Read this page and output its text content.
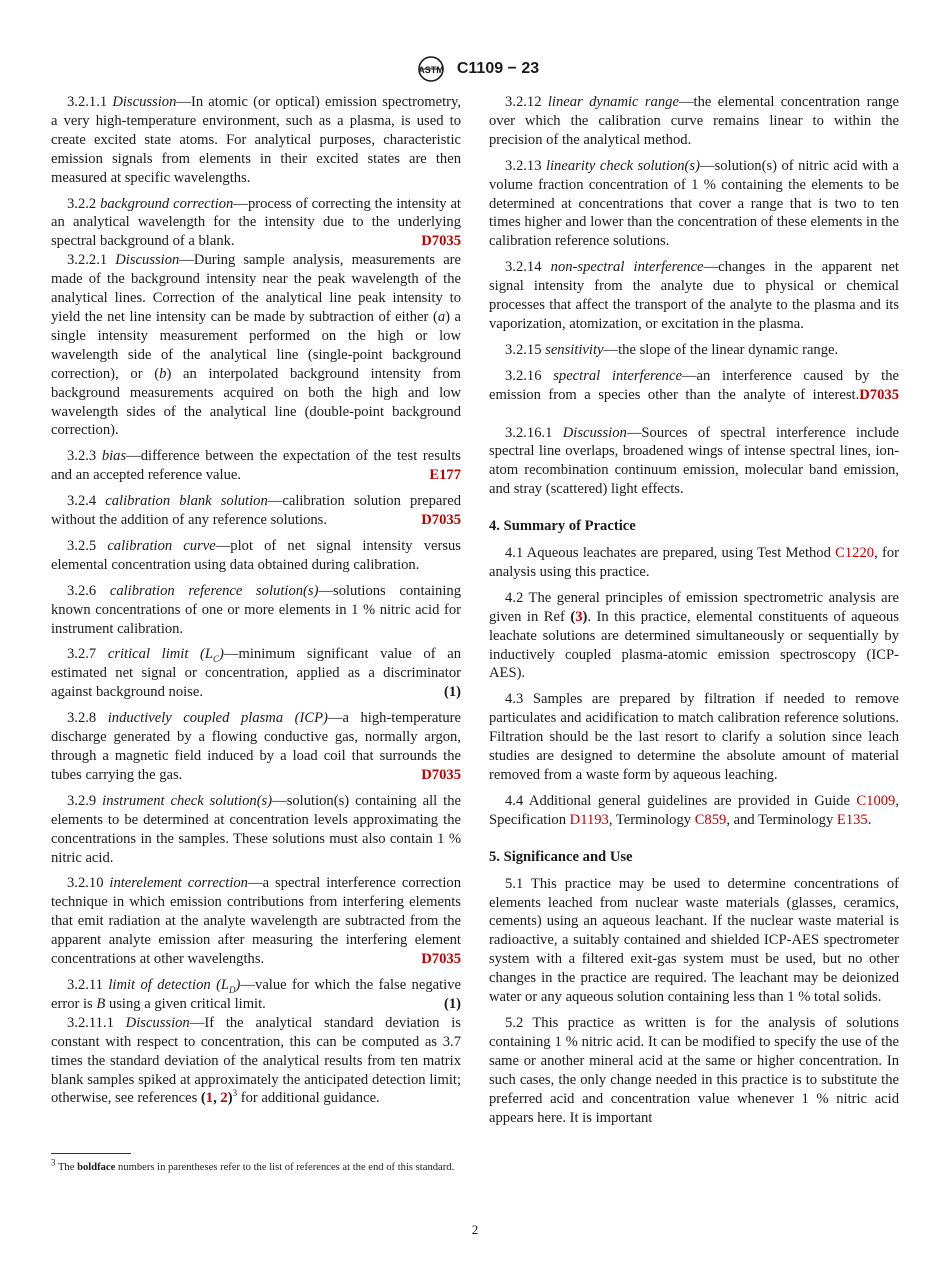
ASTM C1109 − 23

3.2.1.1 Discussion—In atomic (or optical) emission spectrometry, a very high-temperature environment, such as a plasma, is used to create excited state atoms. For analytical purposes, characteristic emission signals from elements in their excited states are then measured at specific wavelengths.

3.2.2 background correction—process of correcting the intensity at an analytical wavelength for the intensity due to the underlying spectral background of a blank.	D7035

3.2.2.1 Discussion—During sample analysis, measurements are made of the background intensity near the peak wavelength of the analytical lines. Correction of the analytical line peak intensity to yield the net line intensity can be made by subtraction of either (a) a single intensity measurement performed on the high or low wavelength side of the analytical line (single-point background correction), or (b) an interpolated background intensity from background measurements acquired on both the high and low wavelength sides of the analytical line (double-point background correction).

3.2.3 bias—difference between the expectation of the test results and an accepted reference value.	E177

3.2.4 calibration blank solution—calibration solution prepared without the addition of any reference solutions.	D7035

3.2.5 calibration curve—plot of net signal intensity versus elemental concentration using data obtained during calibration.

3.2.6 calibration reference solution(s)—solutions containing known concentrations of one or more elements in 1 % nitric acid for instrument calibration.

3.2.7 critical limit $(L_C)—minimum$ significant value of an estimated net signal or concentration, applied as a discriminator against background noise.	(1)

3.2.8 inductively coupled plasma (ICP)—a high-temperature discharge generated by a flowing conductive gas, normally argon, through a magnetic field induced by a load coil that surrounds the tubes carrying the gas.	D7035

3.2.9 instrument check solution(s)—solution(s) containing all the elements to be determined at concentration levels approximating the concentrations in the samples. These solutions must also contain 1 % nitric acid.

3.2.10 interelement correction—a spectral interference correction technique in which emission contributions from interfering elements that emit radiation at the analyte wavelength are subtracted from the apparent analyte emission after measuring the interfering element concentrations at other wavelengths.	D7035

3.2.11 limit of detection $(L_D)—value$ for which the false negative error is B using a given critical limit.	(1)

3.2.11.1 Discussion—If the analytical standard deviation is constant with respect to concentration, this can be computed as 3.7 times the standard deviation of the analytical results from ten matrix blank samples spiked at approximately the anticipated detection limit; otherwise, see references (1, 2)$^3$ for additional guidance.

$^3$ The boldface numbers in parentheses refer to the list of references at the end of this standard.

3.2.12 linear dynamic range—the elemental concentration range over which the calibration curve remains linear to within the precision of the analytical method.

3.2.13 linearity check solution(s)—solution(s) of nitric acid with a volume fraction concentration of 1 % containing the elements to be determined at concentrations that cover a range that is two to ten times higher and lower than the concentration of these elements in the calibration reference solutions.

3.2.14 non-spectral interference—changes in the apparent net signal intensity from the analyte due to physical or chemical processes that affect the transport of the analyte to the plasma and its vaporization, atomization, or excitation in the plasma.

3.2.15 sensitivity—the slope of the linear dynamic range.

3.2.16 spectral interference—an interference caused by the emission from a species other than the analyte of interest. D7035

3.2.16.1 Discussion—Sources of spectral interference include spectral line overlaps, broadened wings of intense spectral lines, ion-atom recombination continuum emission, molecular band emission, and stray (scattered) light effects.

4. Summary of Practice

4.1 Aqueous leachates are prepared, using Test Method C1220, for analysis using this practice.

4.2 The general principles of emission spectrometric analysis are given in Ref (3). In this practice, elemental constituents of aqueous leachate solutions are determined simultaneously or sequentially by inductively coupled plasma-atomic emission spectroscopy (ICP-AES).

4.3 Samples are prepared by filtration if needed to remove particulates and acidification to match calibration reference solutions. Filtration should be the last resort to clarify a solution since leach studies are designed to determine the absolute amount of material removed from a waste form by aqueous leaching.

4.4 Additional general guidelines are provided in Guide C1009, Specification D1193, Terminology C859, and Terminology E135.

5. Significance and Use

5.1 This practice may be used to determine concentrations of elements leached from nuclear waste materials (glasses, ceramics, cements) using an aqueous leachant. If the nuclear waste material is radioactive, a suitably contained and shielded ICP-AES spectrometer system with a filtered exit-gas system must be used, but no other changes in the practice are required. The leachant may be deionized water or any aqueous solution containing less than 1 % total solids.

5.2 This practice as written is for the analysis of solutions containing 1 % nitric acid. It can be modified to specify the use of the same or another mineral acid at the same or higher concentration. In such cases, the only change needed in this practice is to substitute the preferred acid and concentration value whenever 1 % nitric acid appears here. It is important

2
